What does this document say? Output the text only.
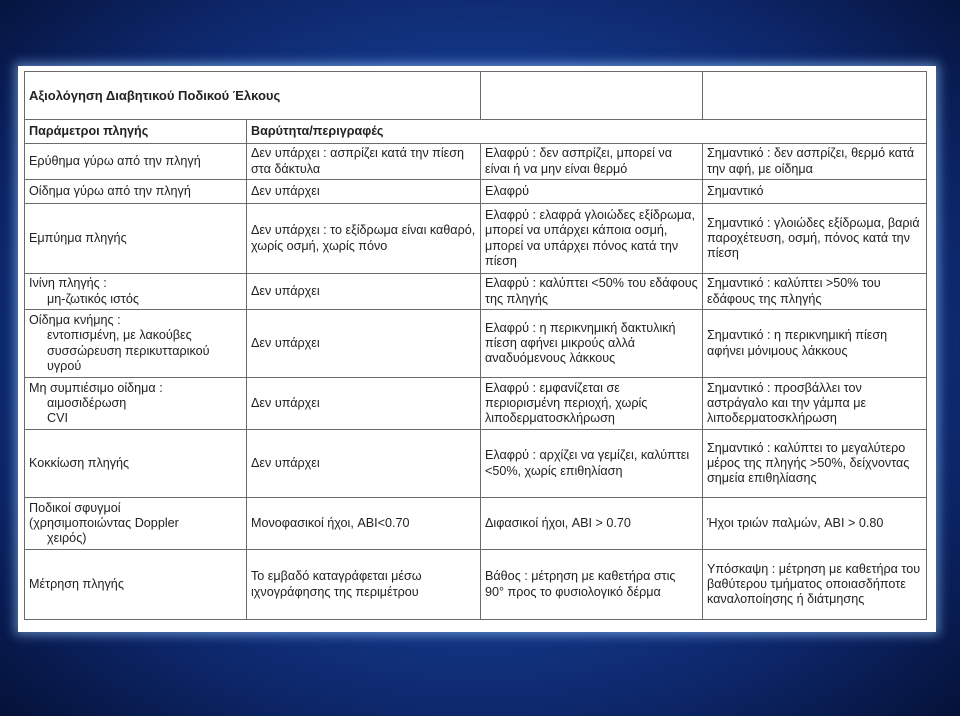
Αξιολόγηση Διαβητικού Ποδικού Έλκους			
Παράμετροι πληγής	Βαρύτητα/περιγραφές		
Ερύθημα γύρω από την πληγή	Δεν υπάρχει : ασπρίζει κατά την πίεση στα δάκτυλα	Ελαφρύ : δεν ασπρίζει, μπορεί να είναι ή να μην είναι θερμό	Σημαντικό : δεν ασπρίζει, θερμό κατά την αφή, με οίδημα
Οίδημα γύρω από την πληγή	Δεν υπάρχει	Ελαφρύ	Σημαντικό
Εμπύημα πληγής	Δεν υπάρχει : το εξίδρωμα είναι καθαρό, χωρίς οσμή, χωρίς πόνο	Ελαφρύ : ελαφρά γλοιώδες εξίδρωμα, μπορεί να υπάρχει κάποια οσμή, μπορεί να υπάρχει πόνος κατά την πίεση	Σημαντικό : γλοιώδες εξίδρωμα, βαριά παροχέτευση, οσμή, πόνος κατά την πίεση
Ινίνη πληγής :
μη-ζωτικός ιστός	Δεν υπάρχει	Ελαφρύ : καλύπτει <50% του εδάφους της πληγής	Σημαντικό : καλύπτει >50% του εδάφους της πληγής
Οίδημα κνήμης :
εντοπισμένη, με λακούβες συσσώρευση περικυτταρικού υγρού	Δεν υπάρχει	Ελαφρύ : η περικνημική δακτυλική πίεση αφήνει μικρούς αλλά αναδυόμενους λάκκους	Σημαντικό : η περικνημική πίεση αφήνει μόνιμους λάκκους
Μη συμπιέσιμο οίδημα :
αιμοσιδέρωση
CVI	Δεν υπάρχει	Ελαφρύ : εμφανίζεται σε περιορισμένη περιοχή, χωρίς λιποδερματοσκλήρωση	Σημαντικό : προσβάλλει τον αστράγαλο και την γάμπα με λιποδερματοσκλήρωση
Κοκκίωση πληγής	Δεν υπάρχει	Ελαφρύ : αρχίζει να γεμίζει, καλύπτει <50%, χωρίς επιθηλίαση	Σημαντικό : καλύπτει το μεγαλύτερο μέρος της πληγής >50%, δείχνοντας σημεία επιθηλίασης
Ποδικοί σφυγμοί
(χρησιμοποιώντας Doppler
χειρός)	Μονοφασικοί ήχοι, ABI<0.70	Διφασικοί ήχοι, ABI > 0.70	Ήχοι τριών παλμών, ABI > 0.80
Μέτρηση πληγής	Το εμβαδό καταγράφεται μέσω ιχνογράφησης της περιμέτρου	Βάθος : μέτρηση με καθετήρα στις 90° προς το φυσιολογικό δέρμα	Υπόσκαψη : μέτρηση με καθετήρα του βαθύτερου τμήματος οποιασδήποτε καναλοποίησης ή διάτμησης
